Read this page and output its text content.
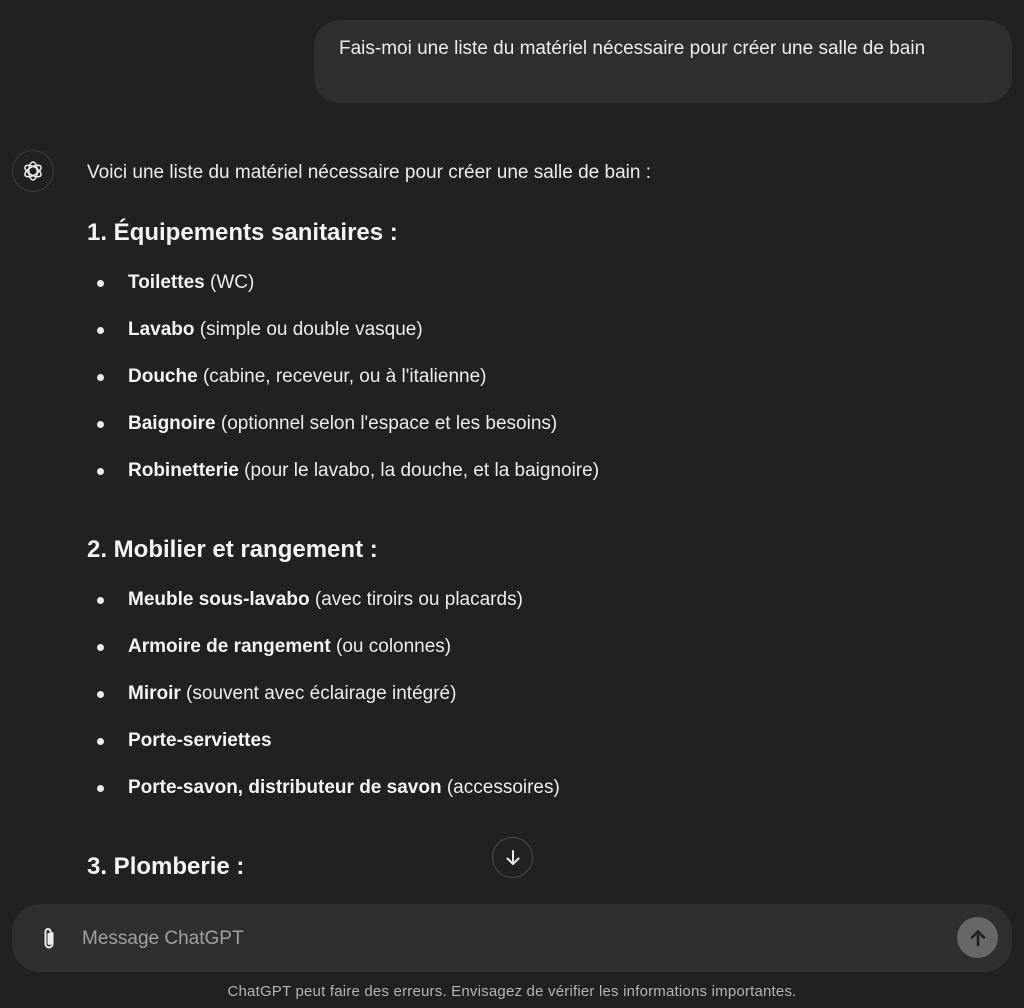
Fais-moi une liste du matériel nécessaire pour créer une salle de bain

Voici une liste du matériel nécessaire pour créer une salle de bain :

1. Équipements sanitaires :
Toilettes (WC)
Lavabo (simple ou double vasque)
Douche (cabine, receveur, ou à l'italienne)
Baignoire (optionnel selon l'espace et les besoins)
Robinetterie (pour le lavabo, la douche, et la baignoire)
2. Mobilier et rangement :
Meuble sous-lavabo (avec tiroirs ou placards)
Armoire de rangement (ou colonnes)
Miroir (souvent avec éclairage intégré)
Porte-serviettes
Porte-savon, distributeur de savon (accessoires)
3. Plomberie :
Message ChatGPT
ChatGPT peut faire des erreurs. Envisagez de vérifier les informations importantes.
